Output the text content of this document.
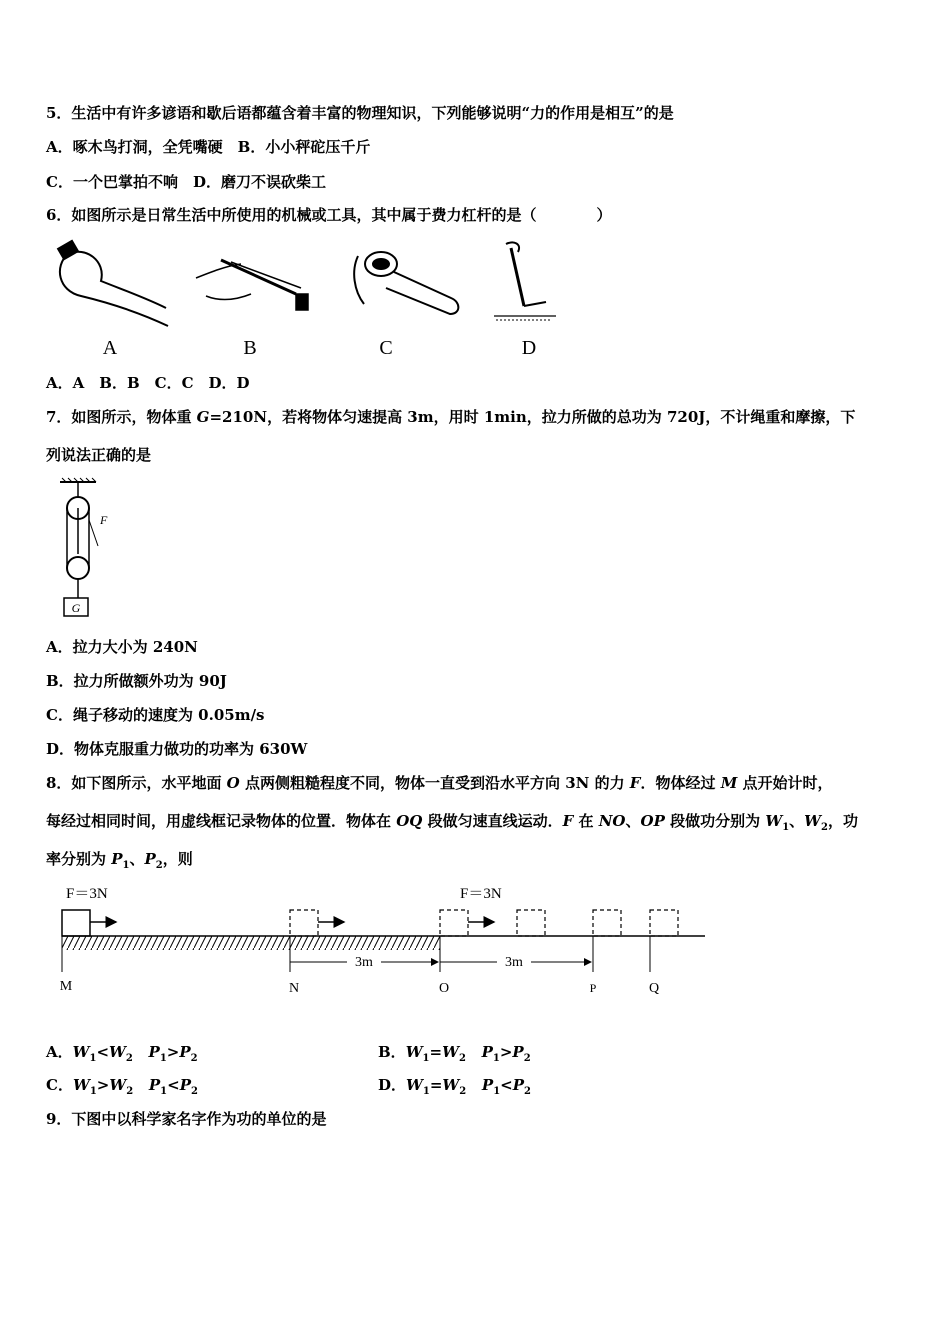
5．生活中有许多谚语和歇后语都蕴含着丰富的物理知识，下列能够说明“力的作用是相互”的是
A．啄木鸟打洞，全凭嘴硬　B．小小秤砣压千斤
C．一个巴掌拍不响　D．磨刀不误砍柴工
6．如图所示是日常生活中所使用的机械或工具，其中属于费力杠杆的是（　　　　）
A	B	C	D
A．A　B．B　C．C　D．D
7．如图所示，物体重 G=210N，若将物体匀速提高 3m，用时 1min，拉力所做的总功为 720J，不计绳重和摩擦，下
列说法正确的是
G
F
A．拉力大小为 240N
B．拉力所做额外功为 90J
C．绳子移动的速度为 0.05m/s
D．物体克服重力做功的功率为 630W
8．如下图所示，水平地面 O 点两侧粗糙程度不同，物体一直受到沿水平方向 3N 的力 F．物体经过 M 点开始计时，
每经过相同时间，用虚线框记录物体的位置．物体在 OQ 段做匀速直线运动．F 在 NO、OP 段做功分别为 $W_1$、$W_2$，功
率分别为 $P_1$、$P_2$，则
F＝3N	F＝3N
3m	3m
M	N	O	P	Q
A．$W_1<W_2$ $P_1>P_2$	B．$W_1=W_2$ $P_1>P_2$
C．$W_1>W_2$ $P_1<P_2$	D．$W_1=W_2$ $P_1<P_2$
9．下图中以科学家名字作为功的单位的是
